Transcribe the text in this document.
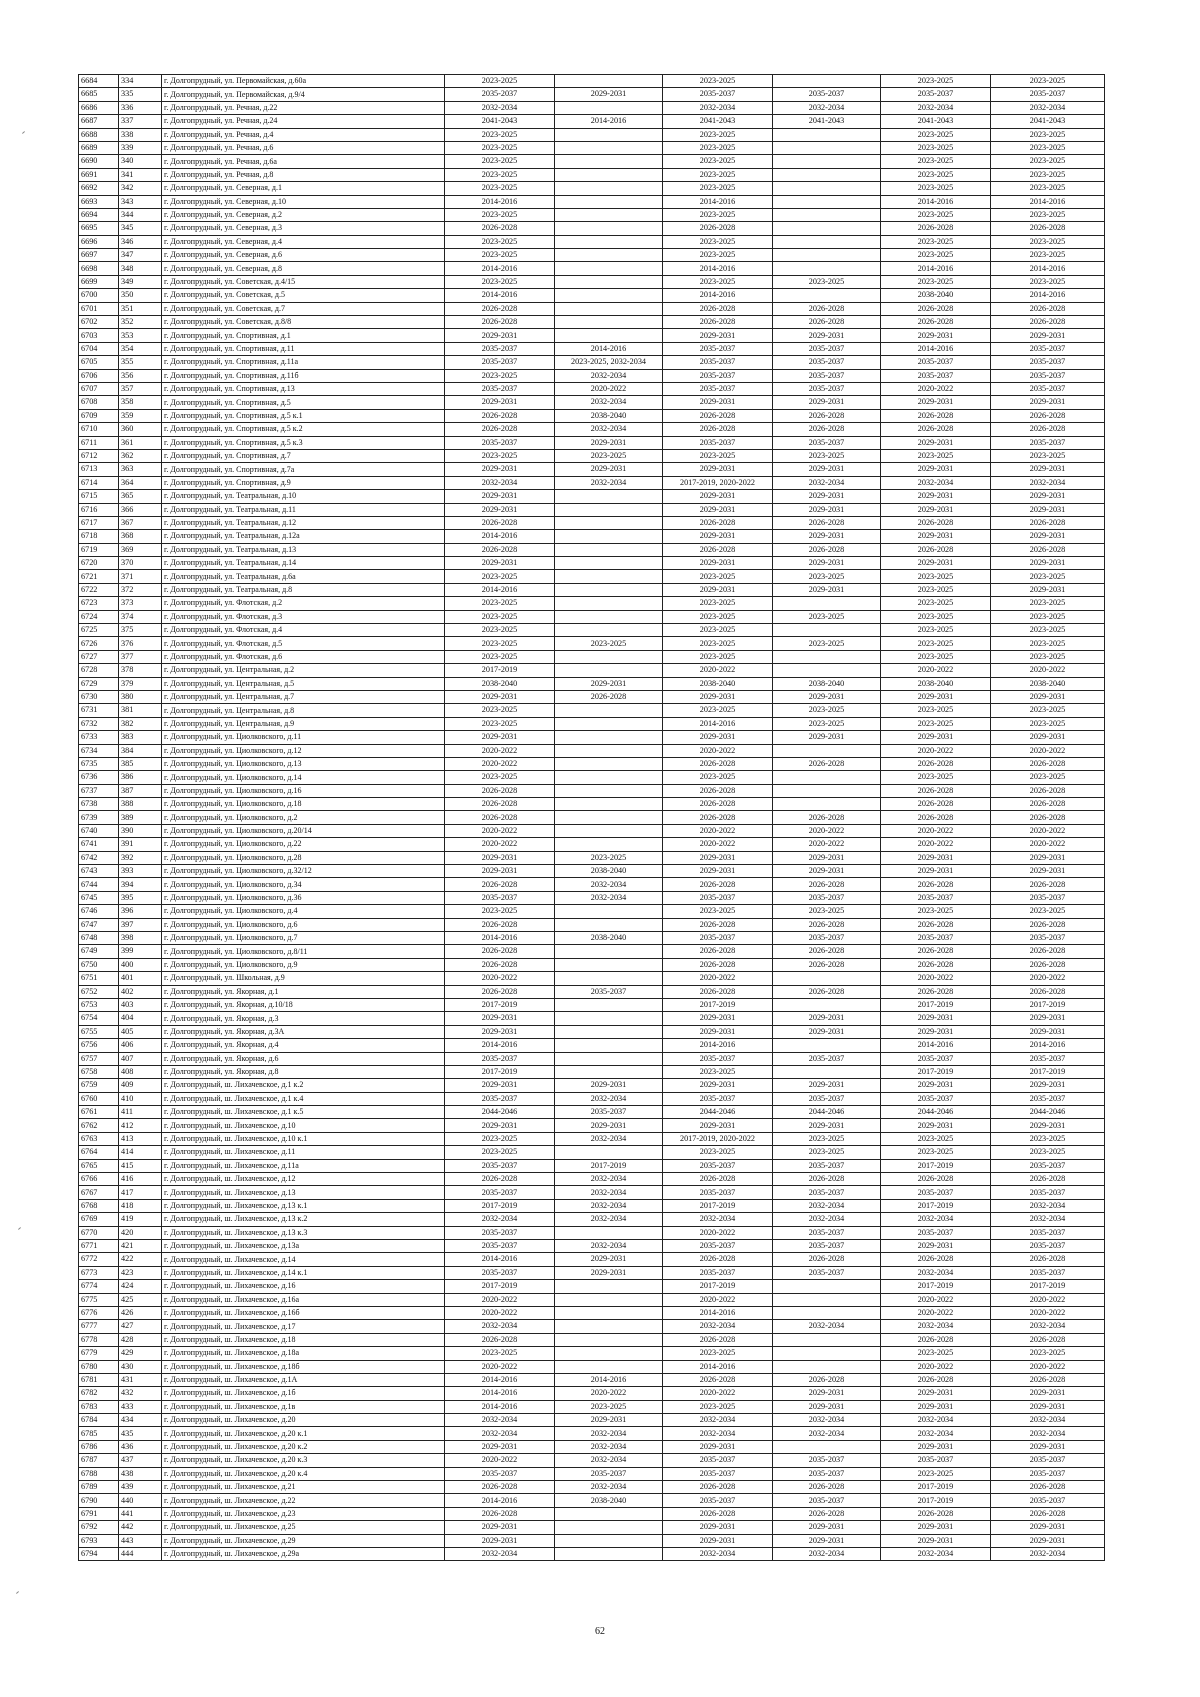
6684	334	г. Долгопрудный, ул. Первомайская, д.60а	2023-2025		2023-2025		2023-2025	2023-2025
6685	335	г. Долгопрудный, ул. Первомайская, д.9/4	2035-2037	2029-2031	2035-2037	2035-2037	2035-2037	2035-2037
6686	336	г. Долгопрудный, ул. Речная, д.22	2032-2034		2032-2034	2032-2034	2032-2034	2032-2034
6687	337	г. Долгопрудный, ул. Речная, д.24	2041-2043	2014-2016	2041-2043	2041-2043	2041-2043	2041-2043
6688	338	г. Долгопрудный, ул. Речная, д.4	2023-2025		2023-2025		2023-2025	2023-2025
6689	339	г. Долгопрудный, ул. Речная, д.6	2023-2025		2023-2025		2023-2025	2023-2025
6690	340	г. Долгопрудный, ул. Речная, д.6а	2023-2025		2023-2025		2023-2025	2023-2025
6691	341	г. Долгопрудный, ул. Речная, д.8	2023-2025		2023-2025		2023-2025	2023-2025
6692	342	г. Долгопрудный, ул. Северная, д.1	2023-2025		2023-2025		2023-2025	2023-2025
6693	343	г. Долгопрудный, ул. Северная, д.10	2014-2016		2014-2016		2014-2016	2014-2016
6694	344	г. Долгопрудный, ул. Северная, д.2	2023-2025		2023-2025		2023-2025	2023-2025
6695	345	г. Долгопрудный, ул. Северная, д.3	2026-2028		2026-2028		2026-2028	2026-2028
6696	346	г. Долгопрудный, ул. Северная, д.4	2023-2025		2023-2025		2023-2025	2023-2025
6697	347	г. Долгопрудный, ул. Северная, д.6	2023-2025		2023-2025		2023-2025	2023-2025
6698	348	г. Долгопрудный, ул. Северная, д.8	2014-2016		2014-2016		2014-2016	2014-2016
6699	349	г. Долгопрудный, ул. Советская, д.4/15	2023-2025		2023-2025	2023-2025	2023-2025	2023-2025
6700	350	г. Долгопрудный, ул. Советская, д.5	2014-2016		2014-2016		2038-2040	2014-2016
6701	351	г. Долгопрудный, ул. Советская, д.7	2026-2028		2026-2028	2026-2028	2026-2028	2026-2028
6702	352	г. Долгопрудный, ул. Советская, д.8/8	2026-2028		2026-2028	2026-2028	2026-2028	2026-2028
6703	353	г. Долгопрудный, ул. Спортивная, д.1	2029-2031		2029-2031	2029-2031	2029-2031	2029-2031
6704	354	г. Долгопрудный, ул. Спортивная, д.11	2035-2037	2014-2016	2035-2037	2035-2037	2014-2016	2035-2037
6705	355	г. Долгопрудный, ул. Спортивная, д.11а	2035-2037	2023-2025, 2032-2034	2035-2037	2035-2037	2035-2037	2035-2037
6706	356	г. Долгопрудный, ул. Спортивная, д.11б	2023-2025	2032-2034	2035-2037	2035-2037	2035-2037	2035-2037
6707	357	г. Долгопрудный, ул. Спортивная, д.13	2035-2037	2020-2022	2035-2037	2035-2037	2020-2022	2035-2037
6708	358	г. Долгопрудный, ул. Спортивная, д.5	2029-2031	2032-2034	2029-2031	2029-2031	2029-2031	2029-2031
6709	359	г. Долгопрудный, ул. Спортивная, д.5 к.1	2026-2028	2038-2040	2026-2028	2026-2028	2026-2028	2026-2028
6710	360	г. Долгопрудный, ул. Спортивная, д.5 к.2	2026-2028	2032-2034	2026-2028	2026-2028	2026-2028	2026-2028
6711	361	г. Долгопрудный, ул. Спортивная, д.5 к.3	2035-2037	2029-2031	2035-2037	2035-2037	2029-2031	2035-2037
6712	362	г. Долгопрудный, ул. Спортивная, д.7	2023-2025	2023-2025	2023-2025	2023-2025	2023-2025	2023-2025
6713	363	г. Долгопрудный, ул. Спортивная, д.7а	2029-2031	2029-2031	2029-2031	2029-2031	2029-2031	2029-2031
6714	364	г. Долгопрудный, ул. Спортивная, д.9	2032-2034	2032-2034	2017-2019, 2020-2022	2032-2034	2032-2034	2032-2034
6715	365	г. Долгопрудный, ул. Театральная, д.10	2029-2031		2029-2031	2029-2031	2029-2031	2029-2031
6716	366	г. Долгопрудный, ул. Театральная, д.11	2029-2031		2029-2031	2029-2031	2029-2031	2029-2031
6717	367	г. Долгопрудный, ул. Театральная, д.12	2026-2028		2026-2028	2026-2028	2026-2028	2026-2028
6718	368	г. Долгопрудный, ул. Театральная, д.12а	2014-2016		2029-2031	2029-2031	2029-2031	2029-2031
6719	369	г. Долгопрудный, ул. Театральная, д.13	2026-2028		2026-2028	2026-2028	2026-2028	2026-2028
6720	370	г. Долгопрудный, ул. Театральная, д.14	2029-2031		2029-2031	2029-2031	2029-2031	2029-2031
6721	371	г. Долгопрудный, ул. Театральная, д.6а	2023-2025		2023-2025	2023-2025	2023-2025	2023-2025
6722	372	г. Долгопрудный, ул. Театральная, д.8	2014-2016		2029-2031	2029-2031	2023-2025	2029-2031
6723	373	г. Долгопрудный, ул. Флотская, д.2	2023-2025		2023-2025		2023-2025	2023-2025
6724	374	г. Долгопрудный, ул. Флотская, д.3	2023-2025		2023-2025	2023-2025	2023-2025	2023-2025
6725	375	г. Долгопрудный, ул. Флотская, д.4	2023-2025		2023-2025		2023-2025	2023-2025
6726	376	г. Долгопрудный, ул. Флотская, д.5	2023-2025	2023-2025	2023-2025	2023-2025	2023-2025	2023-2025
6727	377	г. Долгопрудный, ул. Флотская, д.6	2023-2025		2023-2025		2023-2025	2023-2025
6728	378	г. Долгопрудный, ул. Центральная, д.2	2017-2019		2020-2022		2020-2022	2020-2022
6729	379	г. Долгопрудный, ул. Центральная, д.5	2038-2040	2029-2031	2038-2040	2038-2040	2038-2040	2038-2040
6730	380	г. Долгопрудный, ул. Центральная, д.7	2029-2031	2026-2028	2029-2031	2029-2031	2029-2031	2029-2031
6731	381	г. Долгопрудный, ул. Центральная, д.8	2023-2025		2023-2025	2023-2025	2023-2025	2023-2025
6732	382	г. Долгопрудный, ул. Центральная, д.9	2023-2025		2014-2016	2023-2025	2023-2025	2023-2025
6733	383	г. Долгопрудный, ул. Циолковского, д.11	2029-2031		2029-2031	2029-2031	2029-2031	2029-2031
6734	384	г. Долгопрудный, ул. Циолковского, д.12	2020-2022		2020-2022		2020-2022	2020-2022
6735	385	г. Долгопрудный, ул. Циолковского, д.13	2020-2022		2026-2028	2026-2028	2026-2028	2026-2028
6736	386	г. Долгопрудный, ул. Циолковского, д.14	2023-2025		2023-2025		2023-2025	2023-2025
6737	387	г. Долгопрудный, ул. Циолковского, д.16	2026-2028		2026-2028		2026-2028	2026-2028
6738	388	г. Долгопрудный, ул. Циолковского, д.18	2026-2028		2026-2028		2026-2028	2026-2028
6739	389	г. Долгопрудный, ул. Циолковского, д.2	2026-2028		2026-2028	2026-2028	2026-2028	2026-2028
6740	390	г. Долгопрудный, ул. Циолковского, д.20/14	2020-2022		2020-2022	2020-2022	2020-2022	2020-2022
6741	391	г. Долгопрудный, ул. Циолковского, д.22	2020-2022		2020-2022	2020-2022	2020-2022	2020-2022
6742	392	г. Долгопрудный, ул. Циолковского, д.28	2029-2031	2023-2025	2029-2031	2029-2031	2029-2031	2029-2031
6743	393	г. Долгопрудный, ул. Циолковского, д.32/12	2029-2031	2038-2040	2029-2031	2029-2031	2029-2031	2029-2031
6744	394	г. Долгопрудный, ул. Циолковского, д.34	2026-2028	2032-2034	2026-2028	2026-2028	2026-2028	2026-2028
6745	395	г. Долгопрудный, ул. Циолковского, д.36	2035-2037	2032-2034	2035-2037	2035-2037	2035-2037	2035-2037
6746	396	г. Долгопрудный, ул. Циолковского, д.4	2023-2025		2023-2025	2023-2025	2023-2025	2023-2025
6747	397	г. Долгопрудный, ул. Циолковского, д.6	2026-2028		2026-2028	2026-2028	2026-2028	2026-2028
6748	398	г. Долгопрудный, ул. Циолковского, д.7	2014-2016	2038-2040	2035-2037	2035-2037	2035-2037	2035-2037
6749	399	г. Долгопрудный, ул. Циолковского, д.8/11	2026-2028		2026-2028	2026-2028	2026-2028	2026-2028
6750	400	г. Долгопрудный, ул. Циолковского, д.9	2026-2028		2026-2028	2026-2028	2026-2028	2026-2028
6751	401	г. Долгопрудный, ул. Школьная, д.9	2020-2022		2020-2022		2020-2022	2020-2022
6752	402	г. Долгопрудный, ул. Якорная, д.1	2026-2028	2035-2037	2026-2028	2026-2028	2026-2028	2026-2028
6753	403	г. Долгопрудный, ул. Якорная, д.10/18	2017-2019		2017-2019		2017-2019	2017-2019
6754	404	г. Долгопрудный, ул. Якорная, д.3	2029-2031		2029-2031	2029-2031	2029-2031	2029-2031
6755	405	г. Долгопрудный, ул. Якорная, д.3А	2029-2031		2029-2031	2029-2031	2029-2031	2029-2031
6756	406	г. Долгопрудный, ул. Якорная, д.4	2014-2016		2014-2016		2014-2016	2014-2016
6757	407	г. Долгопрудный, ул. Якорная, д.6	2035-2037		2035-2037	2035-2037	2035-2037	2035-2037
6758	408	г. Долгопрудный, ул. Якорная, д.8	2017-2019		2023-2025		2017-2019	2017-2019
6759	409	г. Долгопрудный, ш. Лихачевское, д.1 к.2	2029-2031	2029-2031	2029-2031	2029-2031	2029-2031	2029-2031
6760	410	г. Долгопрудный, ш. Лихачевское, д.1 к.4	2035-2037	2032-2034	2035-2037	2035-2037	2035-2037	2035-2037
6761	411	г. Долгопрудный, ш. Лихачевское, д.1 к.5	2044-2046	2035-2037	2044-2046	2044-2046	2044-2046	2044-2046
6762	412	г. Долгопрудный, ш. Лихачевское, д.10	2029-2031	2029-2031	2029-2031	2029-2031	2029-2031	2029-2031
6763	413	г. Долгопрудный, ш. Лихачевское, д.10 к.1	2023-2025	2032-2034	2017-2019, 2020-2022	2023-2025	2023-2025	2023-2025
6764	414	г. Долгопрудный, ш. Лихачевское, д.11	2023-2025		2023-2025	2023-2025	2023-2025	2023-2025
6765	415	г. Долгопрудный, ш. Лихачевское, д.11а	2035-2037	2017-2019	2035-2037	2035-2037	2017-2019	2035-2037
6766	416	г. Долгопрудный, ш. Лихачевское, д.12	2026-2028	2032-2034	2026-2028	2026-2028	2026-2028	2026-2028
6767	417	г. Долгопрудный, ш. Лихачевское, д.13	2035-2037	2032-2034	2035-2037	2035-2037	2035-2037	2035-2037
6768	418	г. Долгопрудный, ш. Лихачевское, д.13 к.1	2017-2019	2032-2034	2017-2019	2032-2034	2017-2019	2032-2034
6769	419	г. Долгопрудный, ш. Лихачевское, д.13 к.2	2032-2034	2032-2034	2032-2034	2032-2034	2032-2034	2032-2034
6770	420	г. Долгопрудный, ш. Лихачевское, д.13 к.3	2035-2037		2020-2022	2035-2037	2035-2037	2035-2037
6771	421	г. Долгопрудный, ш. Лихачевское, д.13а	2035-2037	2032-2034	2035-2037	2035-2037	2029-2031	2035-2037
6772	422	г. Долгопрудный, ш. Лихачевское, д.14	2014-2016	2029-2031	2026-2028	2026-2028	2026-2028	2026-2028
6773	423	г. Долгопрудный, ш. Лихачевское, д.14 к.1	2035-2037	2029-2031	2035-2037	2035-2037	2032-2034	2035-2037
6774	424	г. Долгопрудный, ш. Лихачевское, д.16	2017-2019		2017-2019		2017-2019	2017-2019
6775	425	г. Долгопрудный, ш. Лихачевское, д.16а	2020-2022		2020-2022		2020-2022	2020-2022
6776	426	г. Долгопрудный, ш. Лихачевское, д.16б	2020-2022		2014-2016		2020-2022	2020-2022
6777	427	г. Долгопрудный, ш. Лихачевское, д.17	2032-2034		2032-2034	2032-2034	2032-2034	2032-2034
6778	428	г. Долгопрудный, ш. Лихачевское, д.18	2026-2028		2026-2028		2026-2028	2026-2028
6779	429	г. Долгопрудный, ш. Лихачевское, д.18а	2023-2025		2023-2025		2023-2025	2023-2025
6780	430	г. Долгопрудный, ш. Лихачевское, д.18б	2020-2022		2014-2016		2020-2022	2020-2022
6781	431	г. Долгопрудный, ш. Лихачевское, д.1А	2014-2016	2014-2016	2026-2028	2026-2028	2026-2028	2026-2028
6782	432	г. Долгопрудный, ш. Лихачевское, д.1б	2014-2016	2020-2022	2020-2022	2029-2031	2029-2031	2029-2031
6783	433	г. Долгопрудный, ш. Лихачевское, д.1в	2014-2016	2023-2025	2023-2025	2029-2031	2029-2031	2029-2031
6784	434	г. Долгопрудный, ш. Лихачевское, д.20	2032-2034	2029-2031	2032-2034	2032-2034	2032-2034	2032-2034
6785	435	г. Долгопрудный, ш. Лихачевское, д.20 к.1	2032-2034	2032-2034	2032-2034	2032-2034	2032-2034	2032-2034
6786	436	г. Долгопрудный, ш. Лихачевское, д.20 к.2	2029-2031	2032-2034	2029-2031		2029-2031	2029-2031
6787	437	г. Долгопрудный, ш. Лихачевское, д.20 к.3	2020-2022	2032-2034	2035-2037	2035-2037	2035-2037	2035-2037
6788	438	г. Долгопрудный, ш. Лихачевское, д.20 к.4	2035-2037	2035-2037	2035-2037	2035-2037	2023-2025	2035-2037
6789	439	г. Долгопрудный, ш. Лихачевское, д.21	2026-2028	2032-2034	2026-2028	2026-2028	2017-2019	2026-2028
6790	440	г. Долгопрудный, ш. Лихачевское, д.22	2014-2016	2038-2040	2035-2037	2035-2037	2017-2019	2035-2037
6791	441	г. Долгопрудный, ш. Лихачевское, д.23	2026-2028		2026-2028	2026-2028	2026-2028	2026-2028
6792	442	г. Долгопрудный, ш. Лихачевское, д.25	2029-2031		2029-2031	2029-2031	2029-2031	2029-2031
6793	443	г. Долгопрудный, ш. Лихачевское, д.29	2029-2031		2029-2031	2029-2031	2029-2031	2029-2031
6794	444	г. Долгопрудный, ш. Лихачевское, д.29а	2032-2034		2032-2034	2032-2034	2032-2034	2032-2034
62
